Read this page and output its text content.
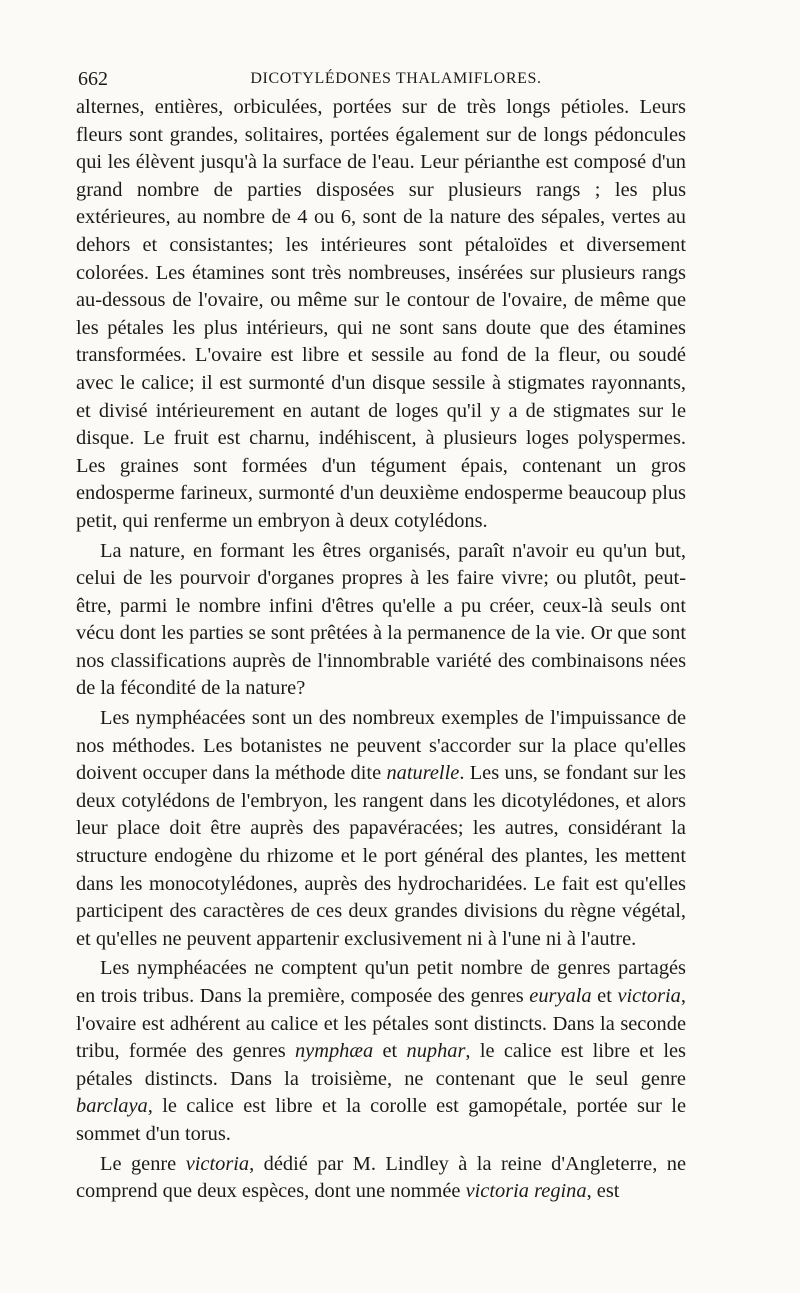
662	DICOTYLÉDONES THALAMIFLORES.

alternes, entières, orbiculées, portées sur de très longs pétioles. Leurs fleurs sont grandes, solitaires, portées également sur de longs pédoncules qui les élèvent jusqu'à la surface de l'eau. Leur périanthe est composé d'un grand nombre de parties disposées sur plusieurs rangs ; les plus extérieures, au nombre de 4 ou 6, sont de la nature des sépales, vertes au dehors et consistantes; les intérieures sont pétaloïdes et diversement colorées. Les étamines sont très nombreuses, insérées sur plusieurs rangs au-dessous de l'ovaire, ou même sur le contour de l'ovaire, de même que les pétales les plus intérieurs, qui ne sont sans doute que des étamines transformées. L'ovaire est libre et sessile au fond de la fleur, ou soudé avec le calice; il est surmonté d'un disque sessile à stigmates rayonnants, et divisé intérieurement en autant de loges qu'il y a de stigmates sur le disque. Le fruit est charnu, indéhiscent, à plusieurs loges polyspermes. Les graines sont formées d'un tégument épais, contenant un gros endosperme farineux, surmonté d'un deuxième endosperme beaucoup plus petit, qui renferme un embryon à deux cotylédons.

La nature, en formant les êtres organisés, paraît n'avoir eu qu'un but, celui de les pourvoir d'organes propres à les faire vivre; ou plutôt, peut-être, parmi le nombre infini d'êtres qu'elle a pu créer, ceux-là seuls ont vécu dont les parties se sont prêtées à la permanence de la vie. Or que sont nos classifications auprès de l'innombrable variété des combinaisons nées de la fécondité de la nature?

Les nymphéacées sont un des nombreux exemples de l'impuissance de nos méthodes. Les botanistes ne peuvent s'accorder sur la place qu'elles doivent occuper dans la méthode dite naturelle. Les uns, se fondant sur les deux cotylédons de l'embryon, les rangent dans les dicotylédones, et alors leur place doit être auprès des papavéracées; les autres, considérant la structure endogène du rhizome et le port général des plantes, les mettent dans les monocotylédones, auprès des hydrocharidées. Le fait est qu'elles participent des caractères de ces deux grandes divisions du règne végétal, et qu'elles ne peuvent appartenir exclusivement ni à l'une ni à l'autre.

Les nymphéacées ne comptent qu'un petit nombre de genres partagés en trois tribus. Dans la première, composée des genres euryala et victoria, l'ovaire est adhérent au calice et les pétales sont distincts. Dans la seconde tribu, formée des genres nymphæa et nuphar, le calice est libre et les pétales distincts. Dans la troisième, ne contenant que le seul genre barclaya, le calice est libre et la corolle est gamopétale, portée sur le sommet d'un torus.

Le genre victoria, dédié par M. Lindley à la reine d'Angleterre, ne comprend que deux espèces, dont une nommée victoria regina, est
